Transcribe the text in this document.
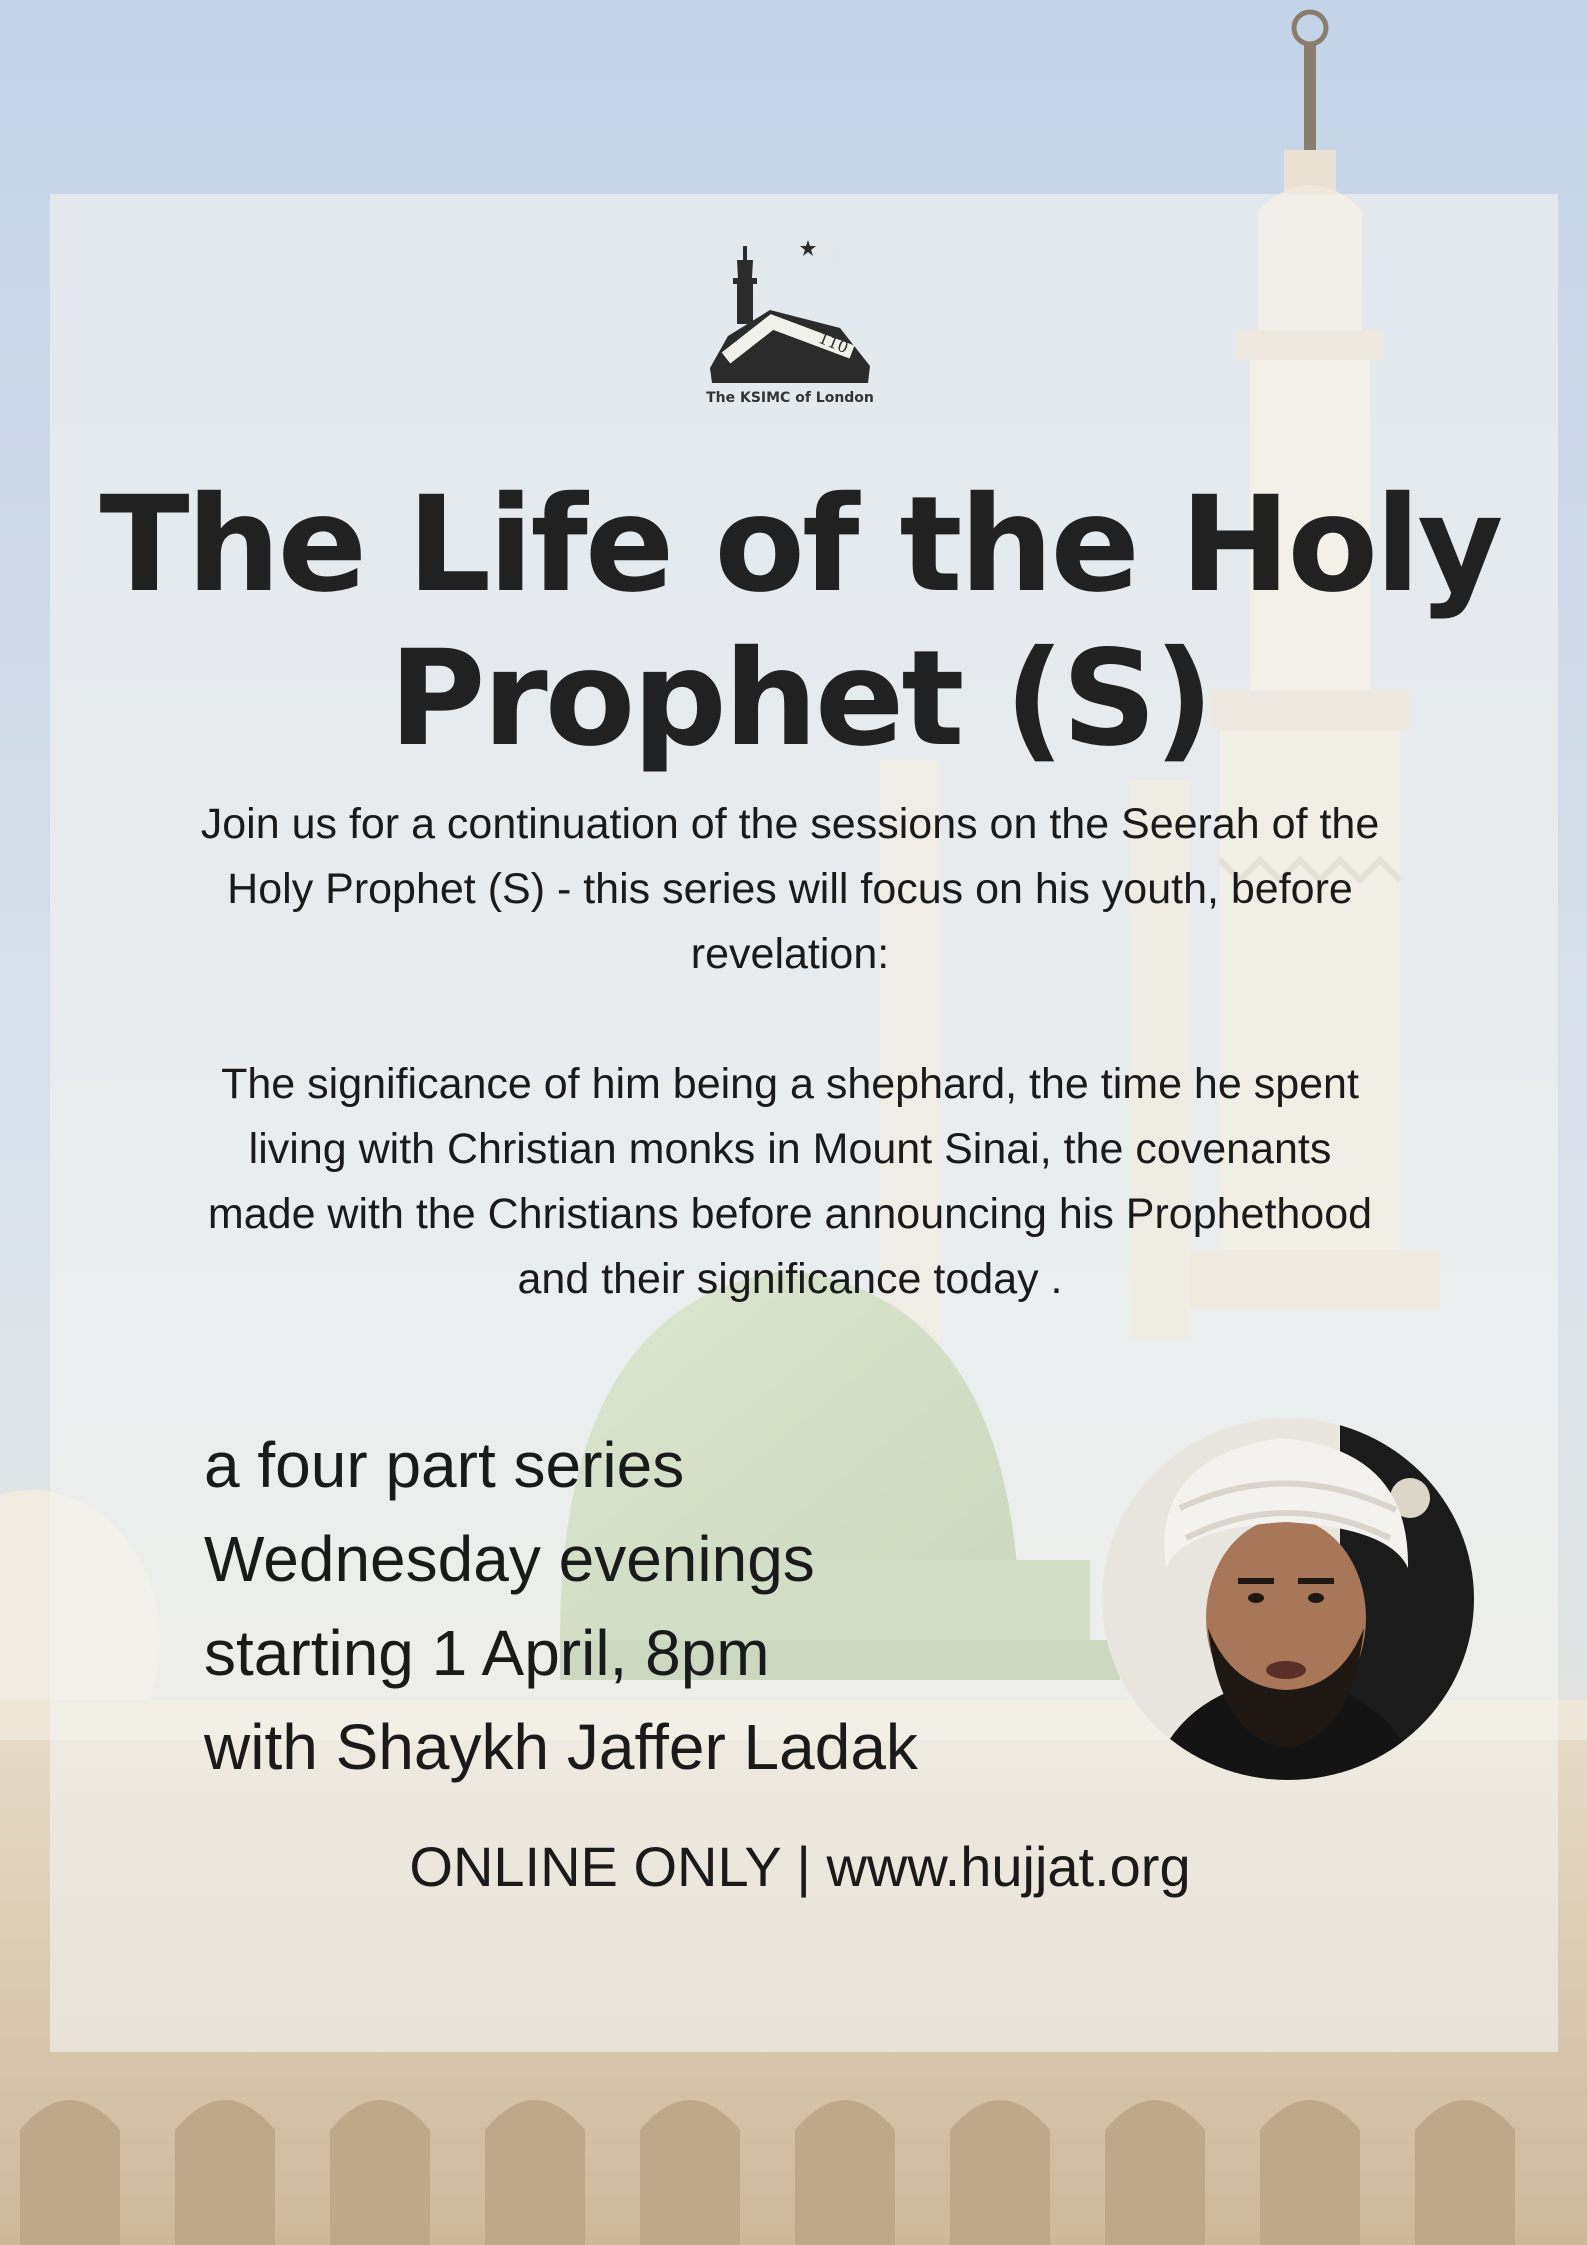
786
110
The KSIMC of London
The Life of the Holy
Prophet (S)

Join us for a continuation of the sessions on the Seerah of the Holy Prophet (S) - this series will focus on his youth, before revelation:

The significance of him being a shephard, the time he spent living with Christian monks in Mount Sinai, the covenants made with the Christians before announcing his Prophethood and their significance today .

a four part series
Wednesday evenings
starting 1 April, 8pm
with Shaykh Jaffer Ladak
ONLINE ONLY | www.hujjat.org
